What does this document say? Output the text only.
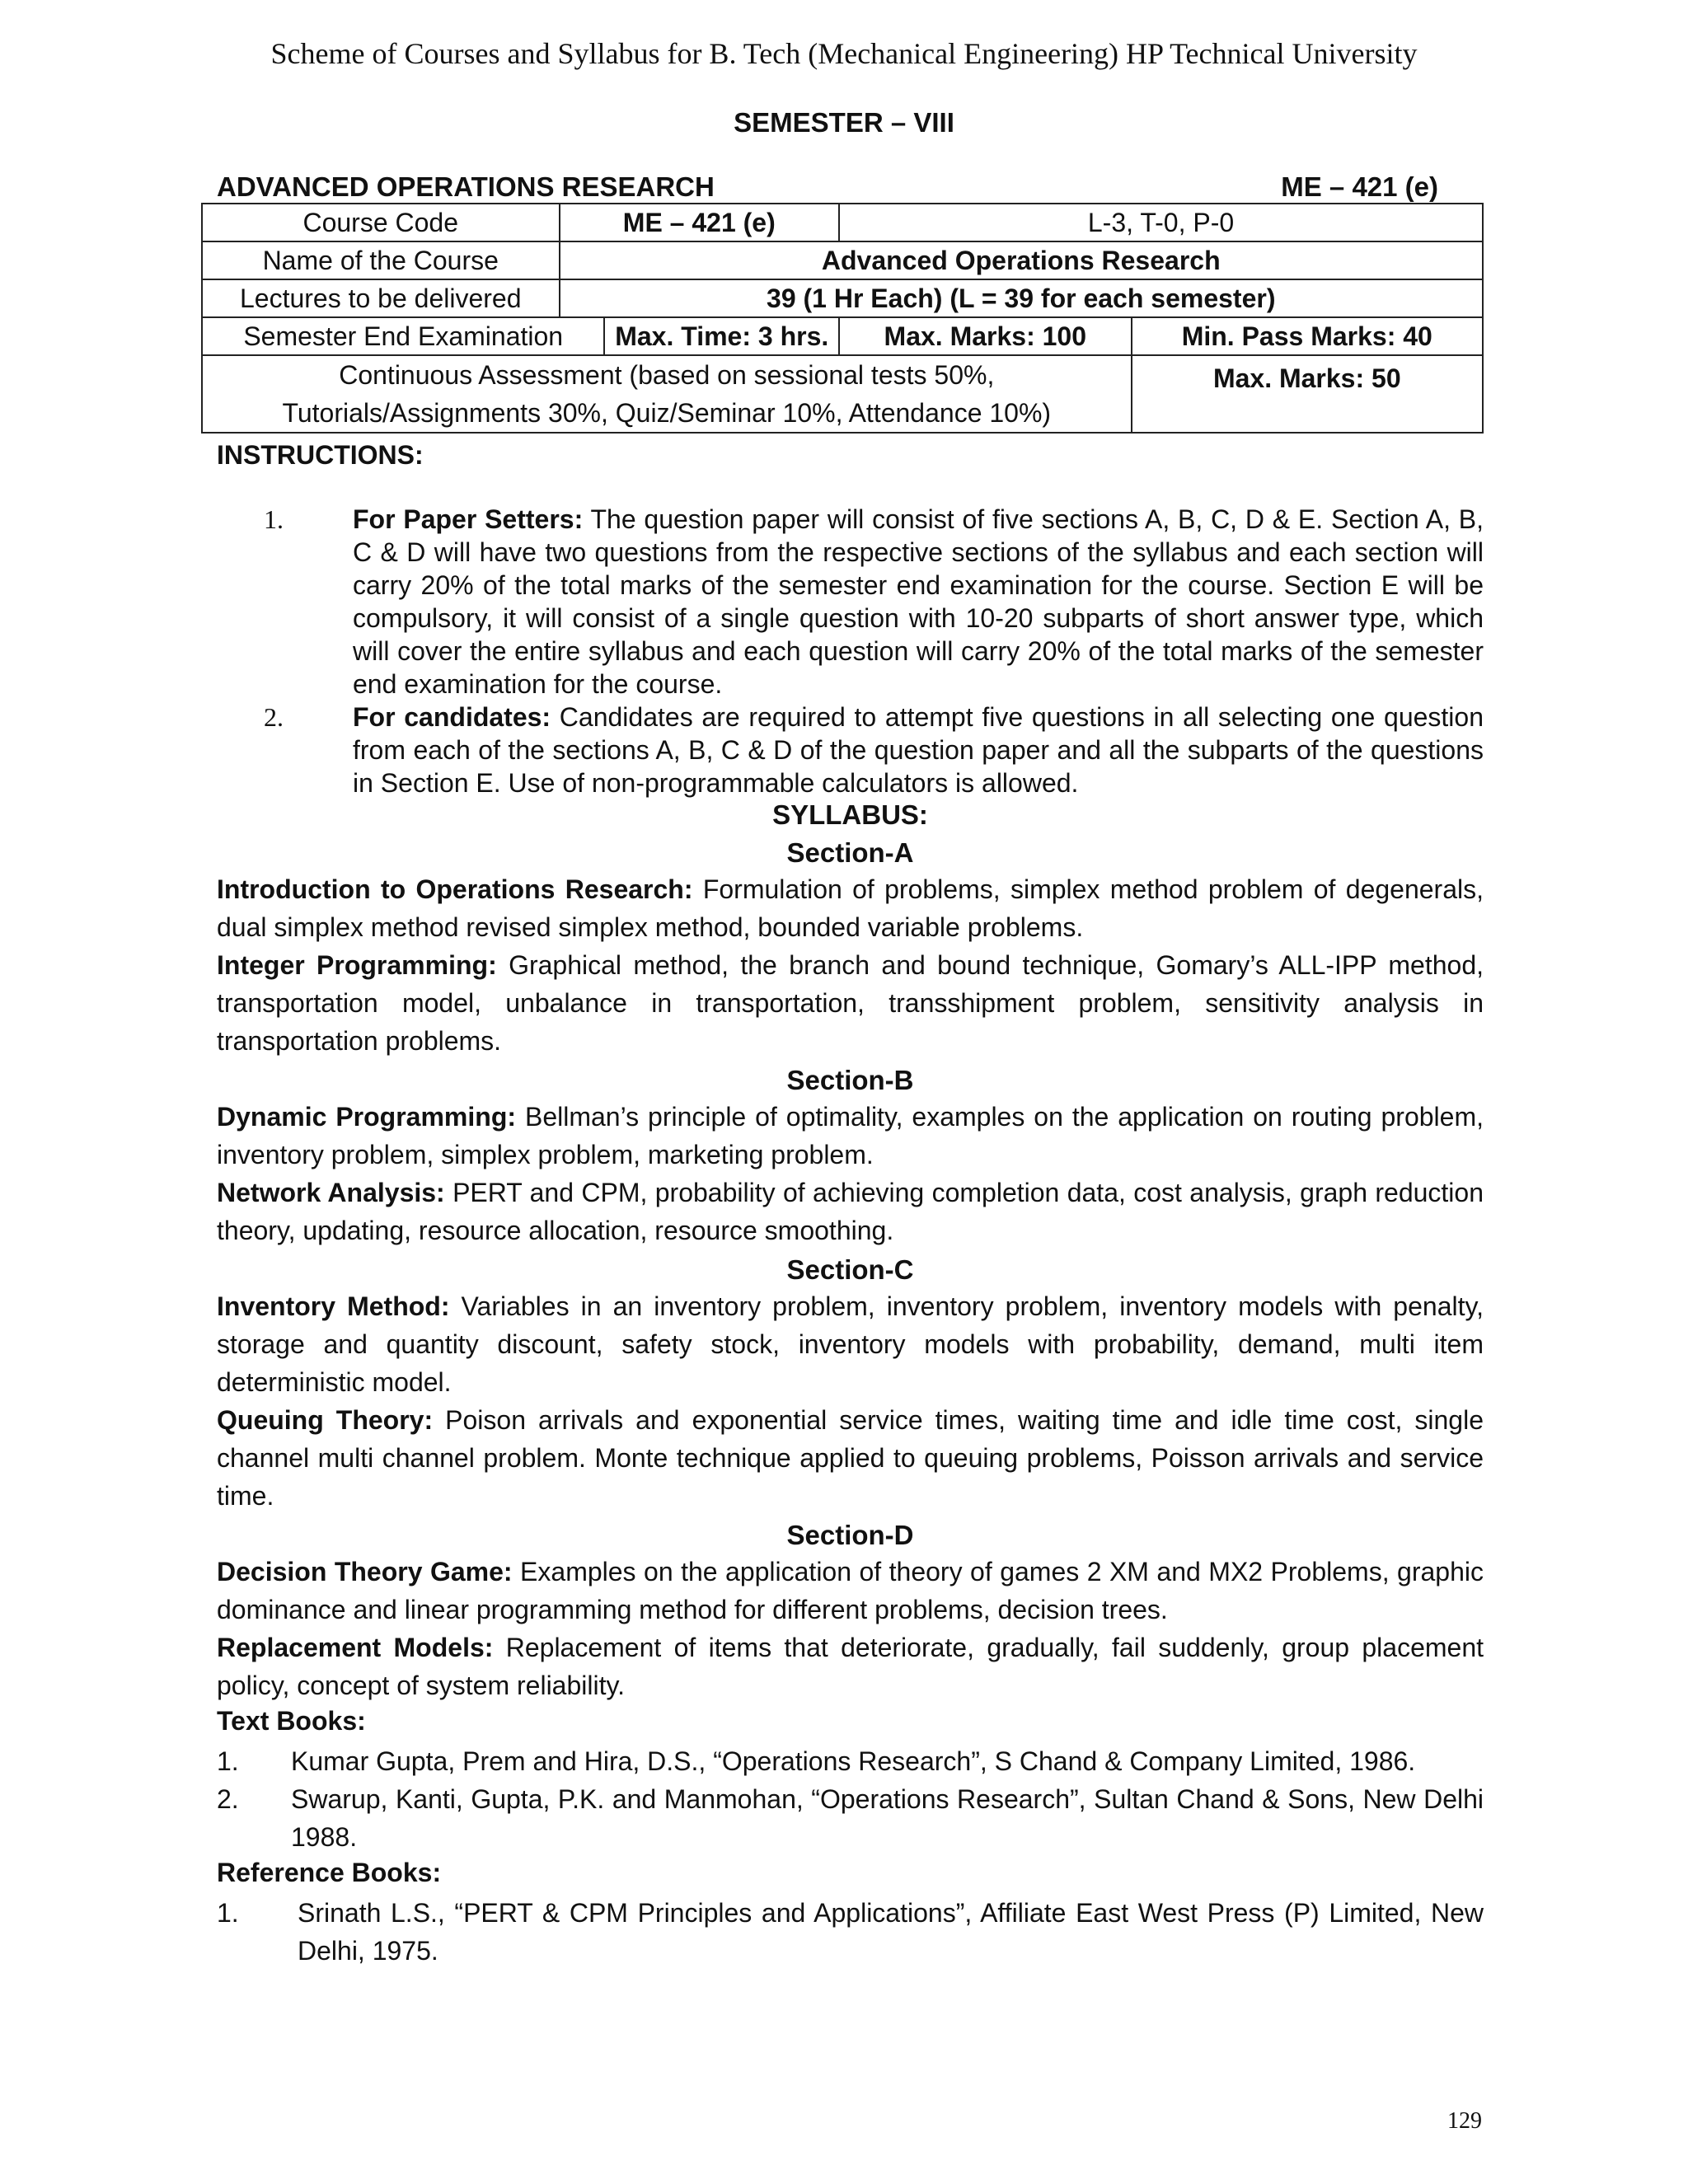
Scheme of Courses and Syllabus for B. Tech (Mechanical Engineering) HP Technical University
SEMESTER – VIII
ADVANCED OPERATIONS RESEARCH	ME – 421 (e)
Course Code	ME – 421 (e)		L-3, T-0, P-0	
Name of the Course	Advanced Operations Research			
Lectures to be delivered	39 (1 Hr Each) (L = 39 for each semester)			
Semester End Examination		Max. Time: 3 hrs.	Max. Marks: 100	Min. Pass Marks: 40

Continuous Assessment (based on sessional tests 50%,
Tutorials/Assignments 30%, Quiz/Seminar 10%, Attendance 10%)				Max. Marks: 50
INSTRUCTIONS:
1.	For Paper Setters: The question paper will consist of five sections A, B, C, D & E. Section A, B, C & D will have two questions from the respective sections of the syllabus and each section will carry 20% of the total marks of the semester end examination for the course. Section E will be compulsory, it will consist of a single question with 10-20 subparts of short answer type, which will cover the entire syllabus and each question will carry 20% of the total marks of the semester end examination for the course.
2.	For candidates: Candidates are required to attempt five questions in all selecting one question from each of the sections A, B, C & D of the question paper and all the subparts of the questions in Section E. Use of non-programmable calculators is allowed.
SYLLABUS:
Section-A
Introduction to Operations Research: Formulation of problems, simplex method problem of degenerals, dual simplex method revised simplex method, bounded variable problems.
Integer Programming: Graphical method, the branch and bound technique, Gomary’s ALL-IPP method, transportation model, unbalance in transportation, transshipment problem, sensitivity analysis in transportation problems.
Section-B
Dynamic Programming: Bellman’s principle of optimality, examples on the application on routing problem, inventory problem, simplex problem, marketing problem.
Network Analysis: PERT and CPM, probability of achieving completion data, cost analysis, graph reduction theory, updating, resource allocation, resource smoothing.
Section-C
Inventory Method: Variables in an inventory problem, inventory problem, inventory models with penalty, storage and quantity discount, safety stock, inventory models with probability, demand, multi item deterministic model.
Queuing Theory: Poison arrivals and exponential service times, waiting time and idle time cost, single channel multi channel problem. Monte technique applied to queuing problems, Poisson arrivals and service time.
Section-D
Decision Theory Game: Examples on the application of theory of games 2 XM and MX2 Problems, graphic dominance and linear programming method for different problems, decision trees.
Replacement Models: Replacement of items that deteriorate, gradually, fail suddenly, group placement policy, concept of system reliability.
Text Books:
1. Kumar Gupta, Prem and Hira, D.S., “Operations Research”, S Chand & Company Limited, 1986.
2. Swarup, Kanti, Gupta, P.K. and Manmohan, “Operations Research”, Sultan Chand & Sons, New Delhi 1988.
Reference Books:
1. Srinath L.S., “PERT & CPM Principles and Applications”, Affiliate East West Press (P) Limited, New Delhi, 1975.
129
